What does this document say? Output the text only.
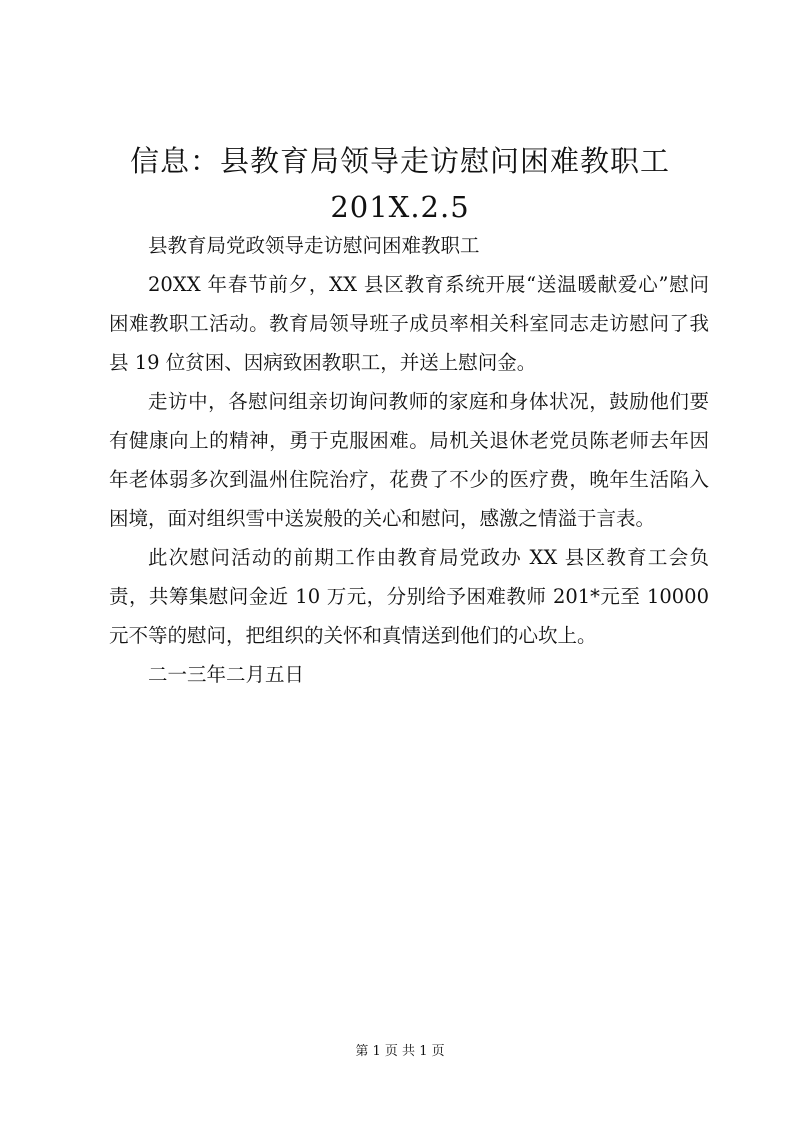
信息：县教育局领导走访慰问困难教职工

201X.2.5

县教育局党政领导走访慰问困难教职工

20XX 年春节前夕，XX 县区教育系统开展“送温暖献爱心”慰问困难教职工活动。教育局领导班子成员率相关科室同志走访慰问了我县 19 位贫困、因病致困教职工，并送上慰问金。

走访中，各慰问组亲切询问教师的家庭和身体状况，鼓励他们要有健康向上的精神，勇于克服困难。局机关退休老党员陈老师去年因年老体弱多次到温州住院治疗，花费了不少的医疗费，晚年生活陷入困境，面对组织雪中送炭般的关心和慰问，感激之情溢于言表。

此次慰问活动的前期工作由教育局党政办 XX 县区教育工会负责，共筹集慰问金近 10 万元，分别给予困难教师 201*元至 10000 元不等的慰问，把组织的关怀和真情送到他们的心坎上。

二一三年二月五日

第 1 页 共 1 页
